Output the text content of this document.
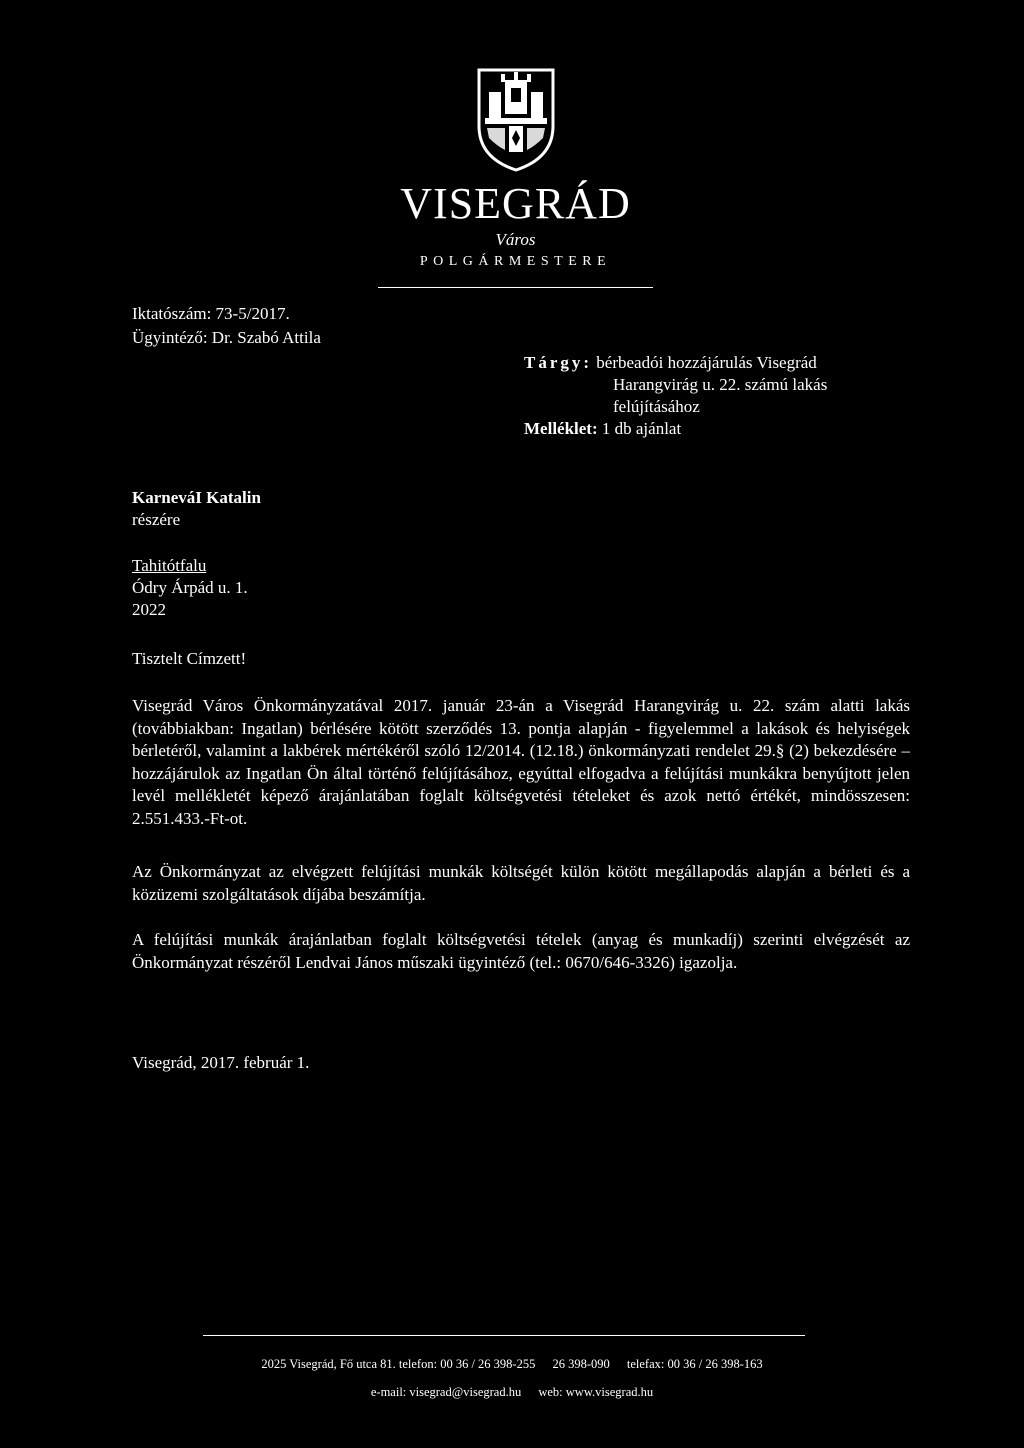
VISEGRÁD
Város
POLGÁRMESTERE
Iktatószám: 73-5/2017.
Ügyintéző: Dr. Szabó Attila
Tárgy: bérbeadói hozzájárulás Visegrád
Harangvirág u. 22. számú lakás
felújításához
Melléklet: 1 db ajánlat
KarneváI Katalin
részére
Tahitótfalu
Ódry Árpád u. 1.
2022
Tisztelt Címzett!
Visegrád Város Önkormányzatával 2017. január 23-án a Visegrád Harangvirág u. 22. szám alatti lakás (továbbiakban: Ingatlan) bérlésére kötött szerződés 13. pontja alapján - figyelemmel a lakások és helyiségek bérletéről, valamint a lakbérek mértékéről szóló 12/2014. (12.18.) önkormányzati rendelet 29.§ (2) bekezdésére – hozzájárulok az Ingatlan Ön által történő felújításához, egyúttal elfogadva a felújítási munkákra benyújtott jelen levél mellékletét képező árajánlatában foglalt költségvetési tételeket és azok nettó értékét, mindösszesen: 2.551.433.-Ft-ot.
Az Önkormányzat az elvégzett felújítási munkák költségét külön kötött megállapodás alapján a bérleti és a közüzemi szolgáltatások díjába beszámítja.
A felújítási munkák árajánlatban foglalt költségvetési tételek (anyag és munkadíj) szerinti elvégzését az Önkormányzat részéről Lendvai János műszaki ügyintéző (tel.: 0670/646-3326) igazolja.
Visegrád, 2017. február 1.
2025 Visegrád, Fő utca 81. telefon: 00 36 / 26 398-255 26 398-090 telefax: 00 36 / 26 398-163
e-mail: visegrad@visegrad.hu web: www.visegrad.hu
